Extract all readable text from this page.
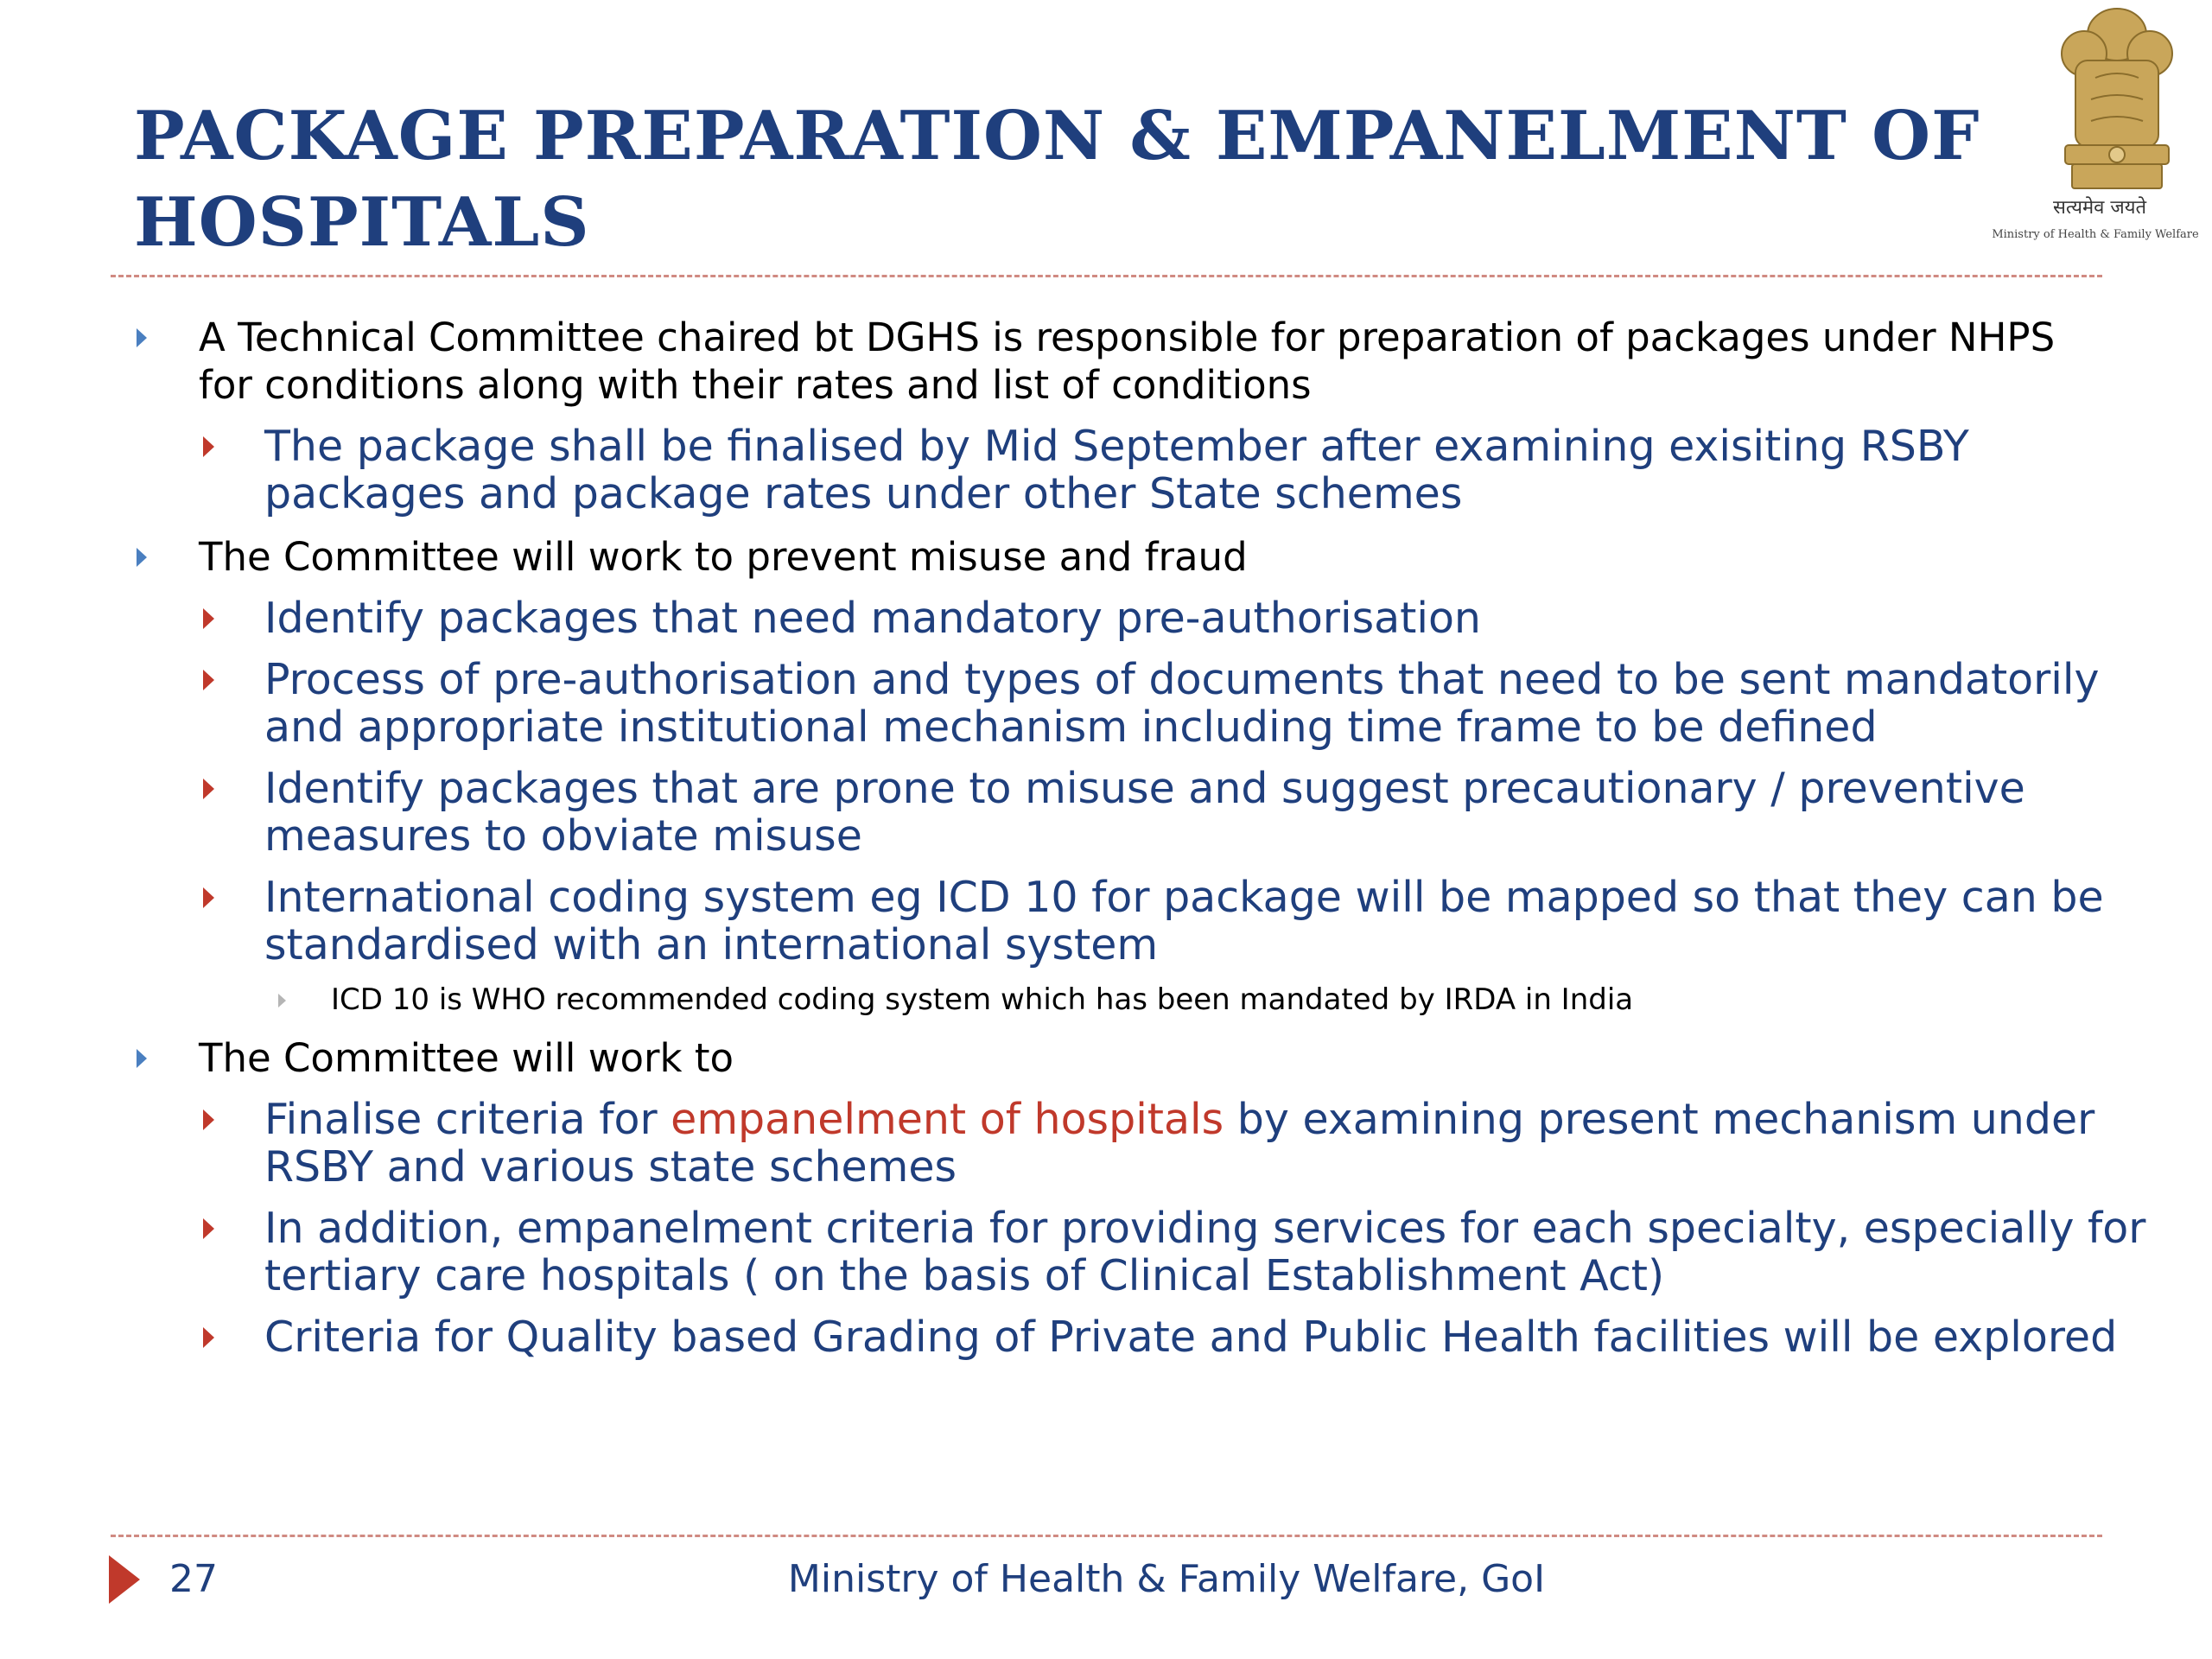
PACKAGE PREPARATION & EMPANELMENT OF HOSPITALS	सत्यमेव जयते
Ministry of Health & Family Welfare
A Technical Committee chaired bt DGHS is responsible for preparation of packages under NHPS for conditions along with their rates and list of conditions
The package shall be finalised by Mid September after examining exisiting RSBY packages and package rates under other State schemes
The Committee will work to prevent misuse and fraud
Identify packages that need mandatory pre-authorisation
Process of pre-authorisation and types of documents that need to be sent mandatorily and appropriate institutional mechanism including time frame to be defined
Identify packages that are prone to misuse and suggest precautionary / preventive measures to obviate misuse
International coding system eg ICD 10 for package will be mapped so that they can be standardised with an international system
ICD 10 is WHO recommended coding system which has been mandated by IRDA in India
The Committee will work to
Finalise criteria for empanelment of hospitals by examining present mechanism under RSBY and various state schemes
In addition, empanelment criteria for providing services for each specialty, especially for tertiary care hospitals ( on the basis of Clinical Establishment Act)
Criteria for Quality based Grading of Private and Public Health facilities will be explored
27	Ministry of Health & Family Welfare, GoI
